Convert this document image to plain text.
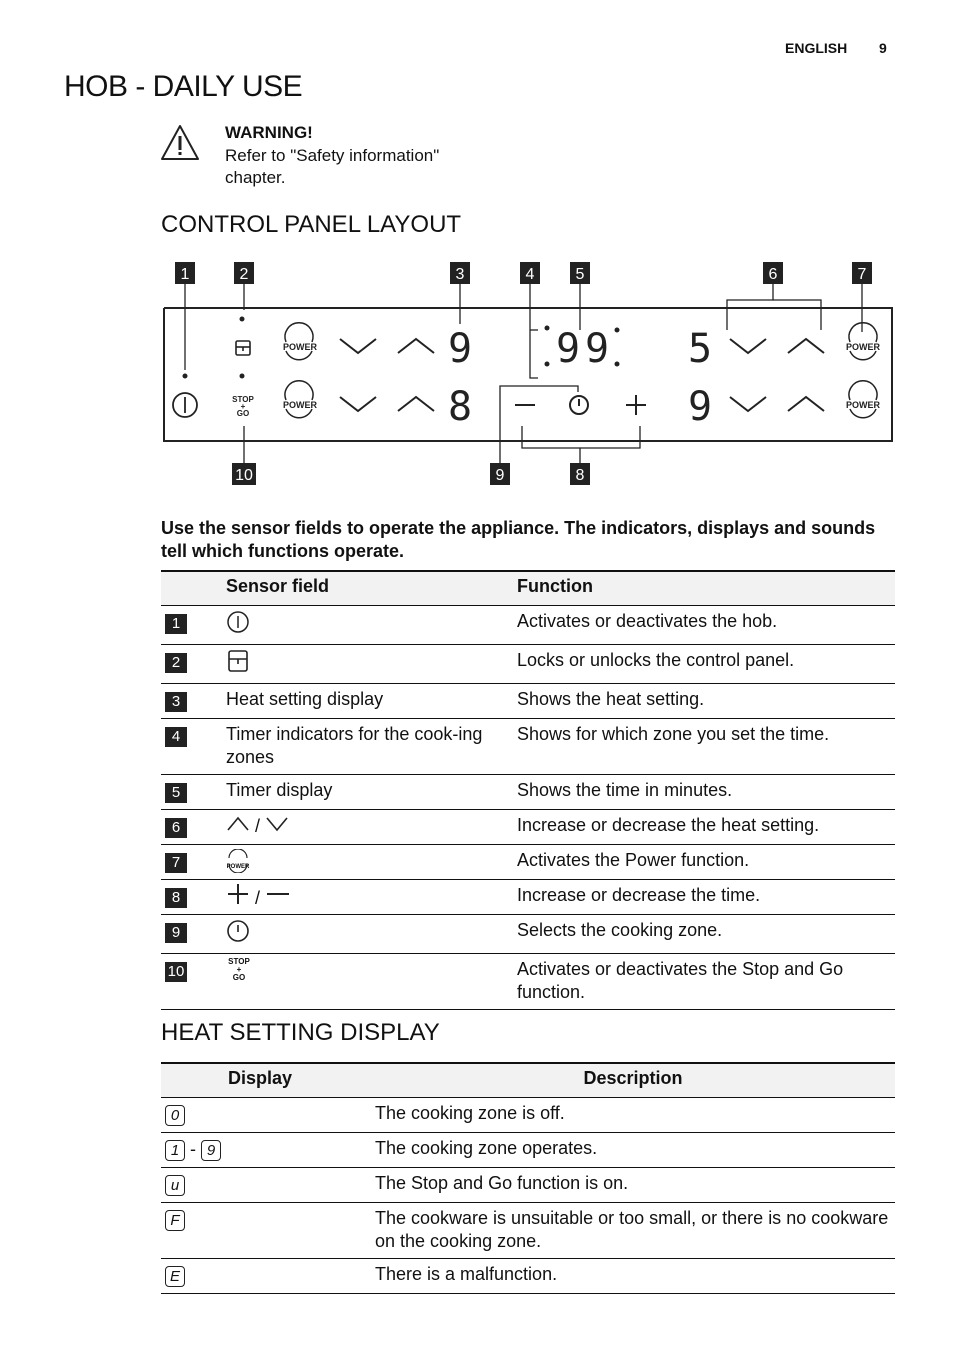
ENGLISH 9
HOB - DAILY USE
WARNING!
Refer to "Safety information" chapter.
CONTROL PANEL LAYOUT
1	2	3	4	5	6	7
10	9	8
STOP
+
GO
POWER
POWER
POWER
POWER
9
8
9 9 5
9

Use the sensor fields to operate the appliance. The indicators, displays and sounds tell which functions operate.

	Sensor field	Function
1		Activates or deactivates the hob.
2		Locks or unlocks the control panel.
3	Heat setting display	Shows the heat setting.
4	Timer indicators for the cook-ing zones	Shows for which zone you set the time.
5	Timer display	Shows the time in minutes.
6	/	Increase or decrease the heat setting.
7	POWER	Activates the Power function.
8	/	Increase or decrease the time.
9		Selects the cooking zone.
10	STOP + GO	Activates or deactivates the Stop and Go function.
HEAT SETTING DISPLAY
Display	Description
0	The cooking zone is off.
1 - 9	The cooking zone operates.
u	The Stop and Go function is on.
F	The cookware is unsuitable or too small, or there is no cookware on the cooking zone.
E	There is a malfunction.
